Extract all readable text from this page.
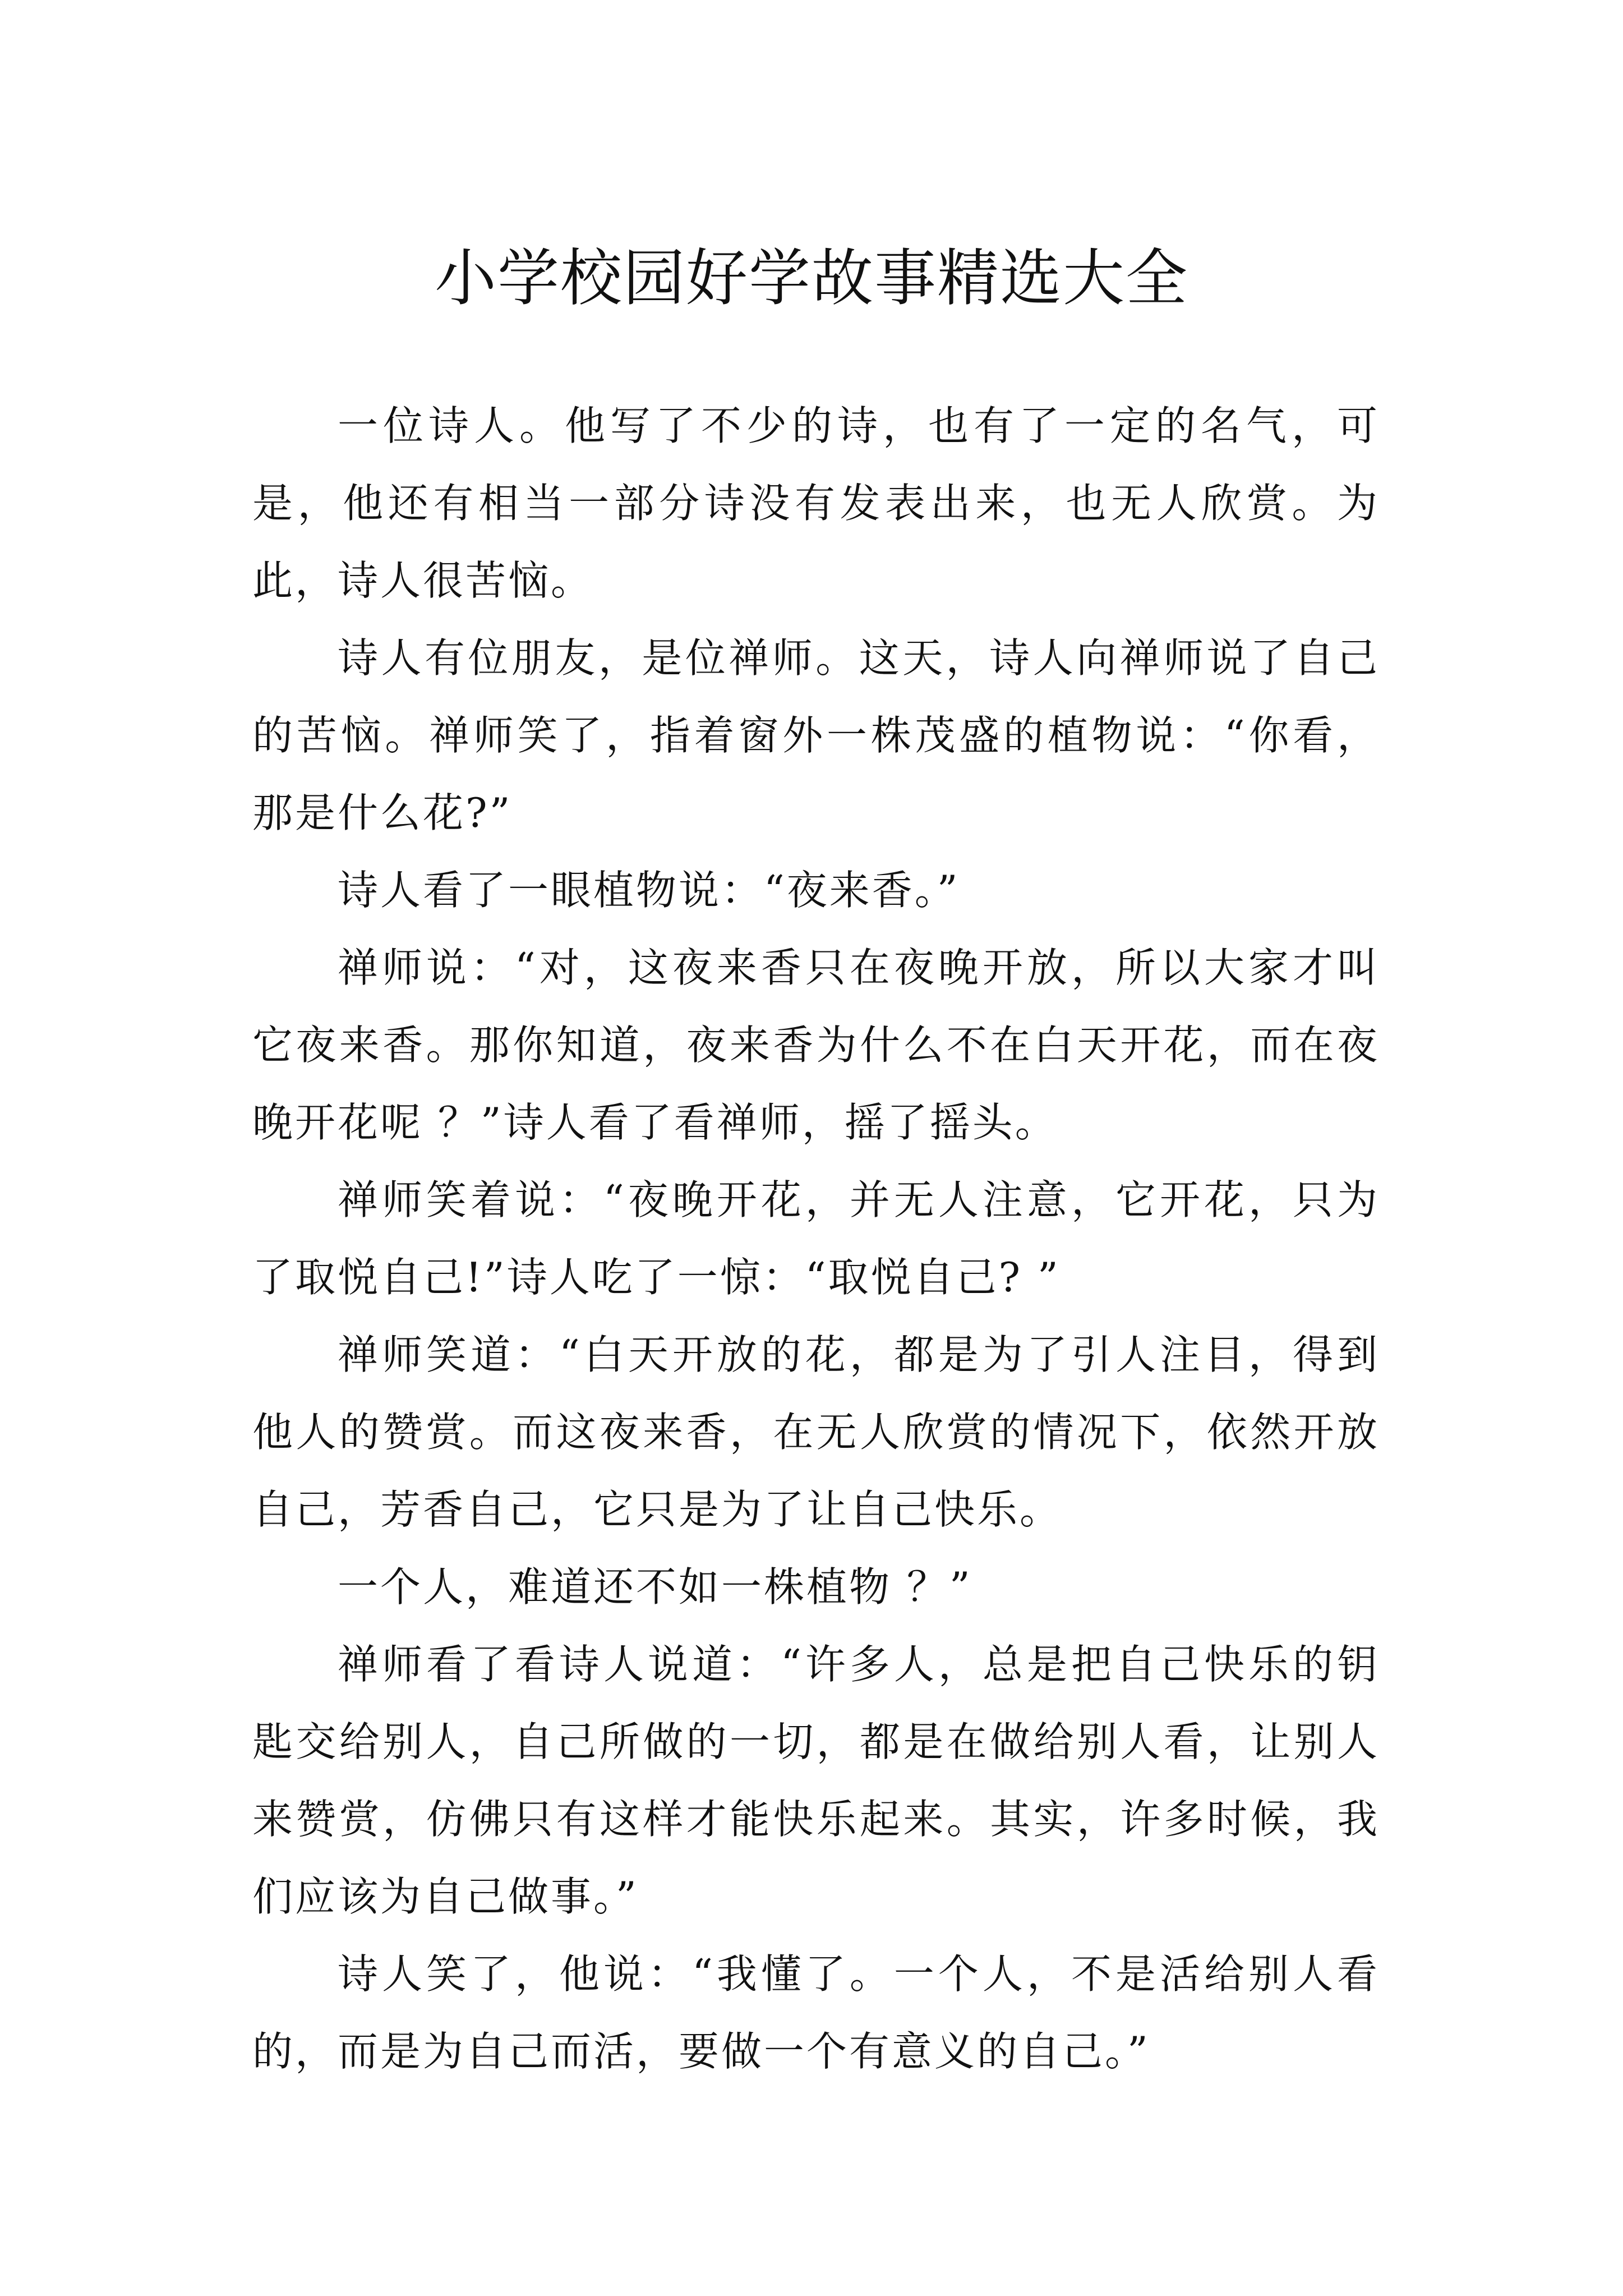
小学校园好学故事精选大全

一位诗人。他写了不少的诗，也有了一定的名气，可是，他还有相当一部分诗没有发表出来，也无人欣赏。为此，诗人很苦恼。

诗人有位朋友，是位禅师。这天，诗人向禅师说了自己的苦恼。禅师笑了，指着窗外一株茂盛的植物说：“你看，那是什么花?”

诗人看了一眼植物说：“夜来香。”

禅师说：“对，这夜来香只在夜晚开放，所以大家才叫它夜来香。那你知道，夜来香为什么不在白天开花，而在夜晚开花呢 ？”诗人看了看禅师，摇了摇头。

禅师笑着说：“夜晚开花，并无人注意，它开花，只为了取悦自己!”诗人吃了一惊：“取悦自己? ”

禅师笑道：“白天开放的花，都是为了引人注目，得到他人的赞赏。而这夜来香，在无人欣赏的情况下，依然开放自己，芳香自己，它只是为了让自己快乐。

一个人，难道还不如一株植物 ？”

禅师看了看诗人说道：“许多人，总是把自己快乐的钥匙交给别人，自己所做的一切，都是在做给别人看，让别人来赞赏，仿佛只有这样才能快乐起来。其实，许多时候，我们应该为自己做事。”

诗人笑了，他说：“我懂了。一个人，不是活给别人看的，而是为自己而活，要做一个有意义的自己。”
